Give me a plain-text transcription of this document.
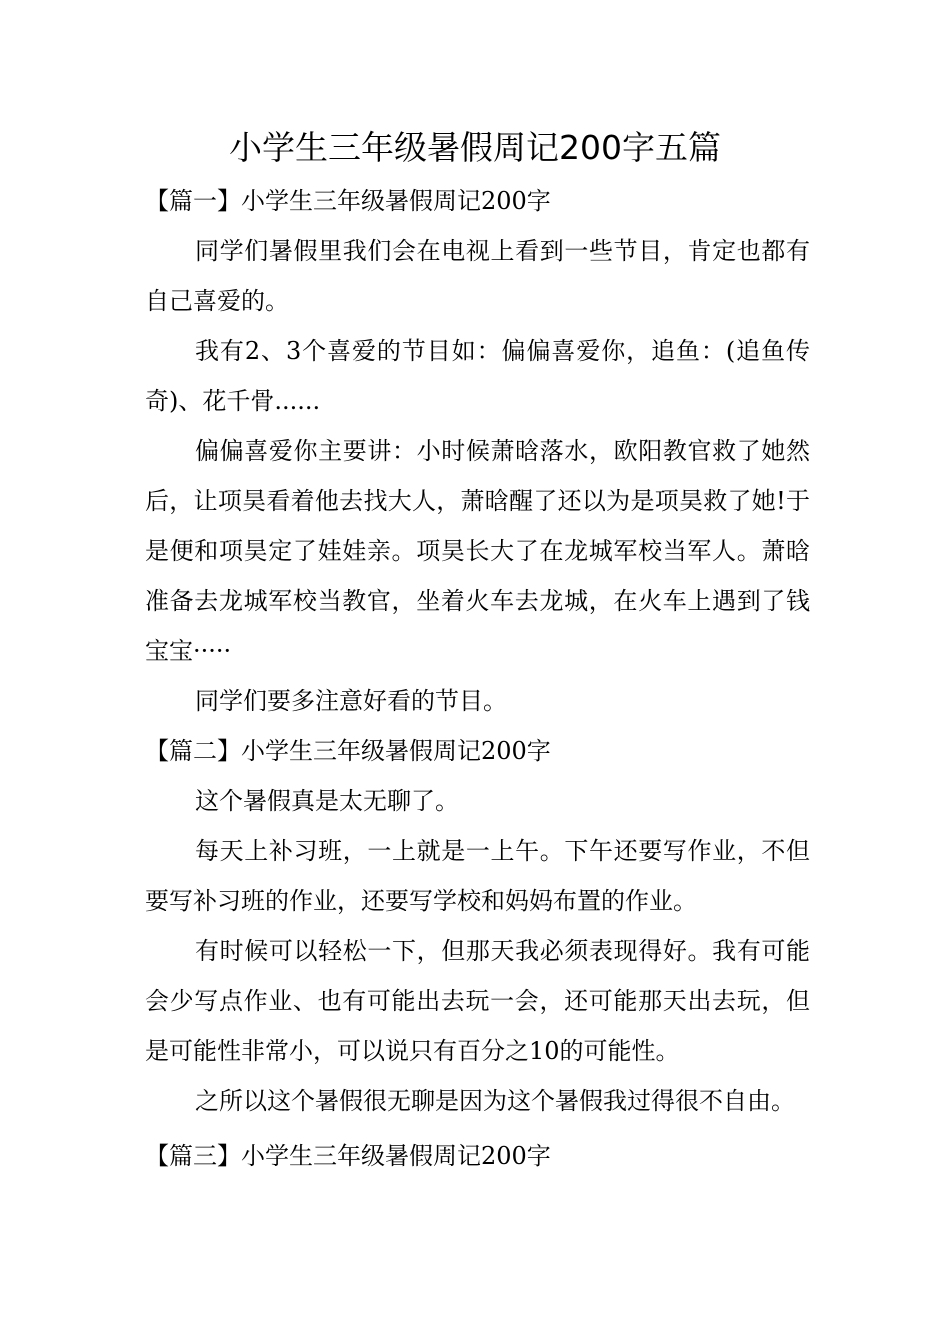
小学生三年级暑假周记200字五篇

【篇一】小学生三年级暑假周记200字

同学们暑假里我们会在电视上看到一些节目，肯定也都有自己喜爱的。

我有2、3个喜爱的节目如：偏偏喜爱你，追鱼：(追鱼传奇)、花千骨......

偏偏喜爱你主要讲：小时候萧晗落水，欧阳教官救了她然后，让项昊看着他去找大人，萧晗醒了还以为是项昊救了她!于是便和项昊定了娃娃亲。项昊长大了在龙城军校当军人。萧晗准备去龙城军校当教官，坐着火车去龙城，在火车上遇到了钱宝宝·····

同学们要多注意好看的节目。

【篇二】小学生三年级暑假周记200字

这个暑假真是太无聊了。

每天上补习班，一上就是一上午。下午还要写作业，不但要写补习班的作业，还要写学校和妈妈布置的作业。

有时候可以轻松一下，但那天我必须表现得好。我有可能会少写点作业、也有可能出去玩一会，还可能那天出去玩，但是可能性非常小，可以说只有百分之10的可能性。

之所以这个暑假很无聊是因为这个暑假我过得很不自由。

【篇三】小学生三年级暑假周记200字
